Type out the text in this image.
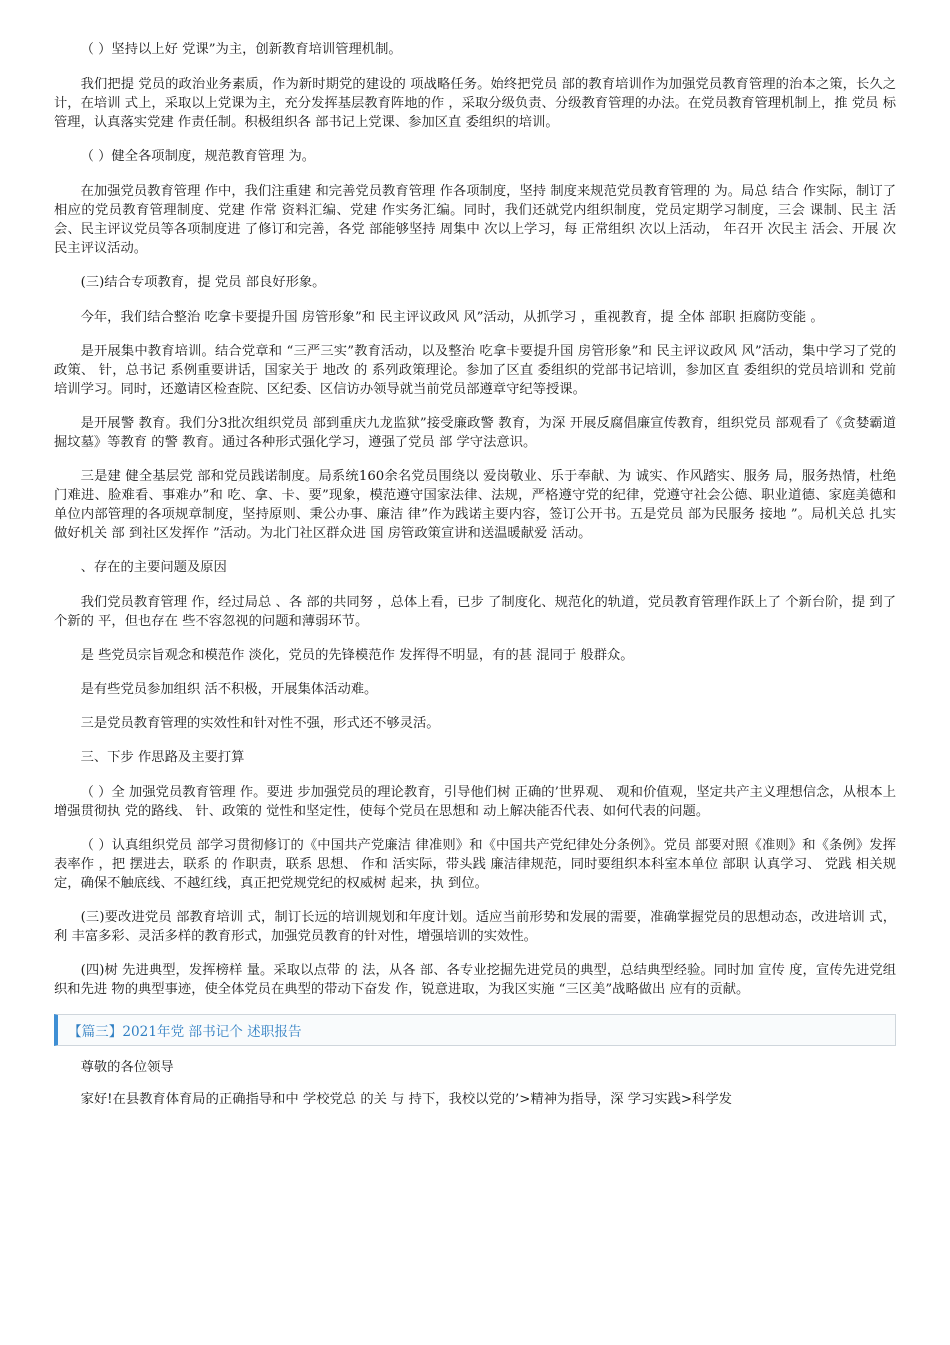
（ ）坚持以上好 党课”为主，创新教育培训管理机制。

我们把提 党员的政治业务素质，作为新时期党的建设的 项战略任务。始终把党员 部的教育培训作为加强党员教育管理的治本之策，长久之计，在培训 式上，采取以上党课为主，充分发挥基层教育阵地的作 ，采取分级负责、分级教育管理的办法。在党员教育管理机制上，推 党员 标管理，认真落实党建 作责任制。积极组织各 部书记上党课、参加区直 委组织的培训。

（ ）健全各项制度，规范教育管理 为。

在加强党员教育管理 作中，我们注重建 和完善党员教育管理 作各项制度，坚持 制度来规范党员教育管理的 为。局总 结合 作实际，制订了相应的党员教育管理制度、党建 作常 资料汇编、党建 作实务汇编。同时，我们还就党内组织制度，党员定期学习制度，三会 课制、民主 活会、民主评议党员等各项制度进 了修订和完善，各党 部能够坚持 周集中 次以上学习，每 正常组织 次以上活动， 年召开 次民主 活会、开展 次民主评议活动。

(三)结合专项教育，提 党员 部良好形象。

今年，我们结合整治 吃拿卡要提升国 房管形象”和 民主评议政风 风”活动，从抓学习 ，重视教育，提 全体 部职 拒腐防变能 。

是开展集中教育培训。结合党章和 “三严三实”教育活动，以及整治 吃拿卡要提升国 房管形象”和 民主评议政风 风”活动，集中学习了党的政策、 针，总书记 系例重要讲话，国家关于 地改 的 系列政策理论。参加了区直 委组织的党部书记培训，参加区直 委组织的党员培训和 党前培训学习。同时，还邀请区检查院、区纪委、区信访办领导就当前党员部遵章守纪等授课。

是开展警 教育。我们分3批次组织党员 部到重庆九龙监狱”接受廉政警 教育，为深 开展反腐倡廉宣传教育，组织党员 部观看了《贪婪霸道 掘坟墓》等教育 的警 教育。通过各种形式强化学习，遵强了党员 部 学守法意识。

三是建 健全基层党 部和党员践诺制度。局系统160余名党员围绕以 爱岗敬业、乐于奉献、为 诚实、作风踏实、服务 局，服务热情，杜绝 门难进、脸难看、事难办”和 吃、拿、卡、要”现象，模范遵守国家法律、法规，严格遵守党的纪律，党遵守社会公德、职业道德、家庭美德和单位内部管理的各项规章制度，坚持原则、秉公办事、廉洁 律”作为践诺主要内容，签订公开书。五是党员 部为民服务 接地 ”。局机关总 扎实做好机关 部 到社区发挥作 ”活动。为北门社区群众进 国 房管政策宣讲和送温暖献爱 活动。

、存在的主要问题及原因

我们党员教育管理 作，经过局总 、各 部的共同努 ，总体上看，已步 了制度化、规范化的轨道，党员教育管理作跃上了 个新台阶，提 到了 个新的 平，但也存在 些不容忽视的问题和薄弱环节。

是 些党员宗旨观念和模范作 淡化，党员的先锋模范作 发挥得不明显，有的甚 混同于 般群众。

是有些党员参加组织 活不积极，开展集体活动难。

三是党员教育管理的实效性和针对性不强，形式还不够灵活。

三、下步 作思路及主要打算

（ ）全 加强党员教育管理 作。要进 步加强党员的理论教育，引导他们树 正确的’世界观、 观和价值观，坚定共产主义理想信念，从根本上增强贯彻执 党的路线、 针、政策的 觉性和坚定性，使每个党员在思想和 动上解决能否代表、如何代表的问题。

（ ）认真组织党员 部学习贯彻修订的《中国共产党廉洁 律准则》和《中国共产党纪律处分条例》。党员 部要对照《准则》和《条例》发挥表率作 ，把 摆进去，联系 的 作职责，联系 思想、 作和 活实际，带头践 廉洁律规范，同时要组织本科室本单位 部职 认真学习、 党践 相关规定，确保不触底线、不越红线，真正把党规党纪的权威树 起来，执 到位。

(三)要改进党员 部教育培训 式，制订长远的培训规划和年度计划。适应当前形势和发展的需要，准确掌握党员的思想动态，改进培训 式，利 丰富多彩、灵活多样的教育形式，加强党员教育的针对性，增强培训的实效性。

(四)树 先进典型，发挥榜样 量。采取以点带 的 法，从各 部、各专业挖掘先进党员的典型，总结典型经验。同时加 宣传 度，宣传先进党组织和先进 物的典型事迹，使全体党员在典型的带动下奋发 作，锐意进取，为我区实施 “三区美”战略做出 应有的贡献。

【篇三】2021年党 部书记个 述职报告

尊敬的各位领导

家好!在县教育体育局的正确指导和中 学校党总 的关 与 持下，我校以党的’>精神为指导，深 学习实践>科学发
